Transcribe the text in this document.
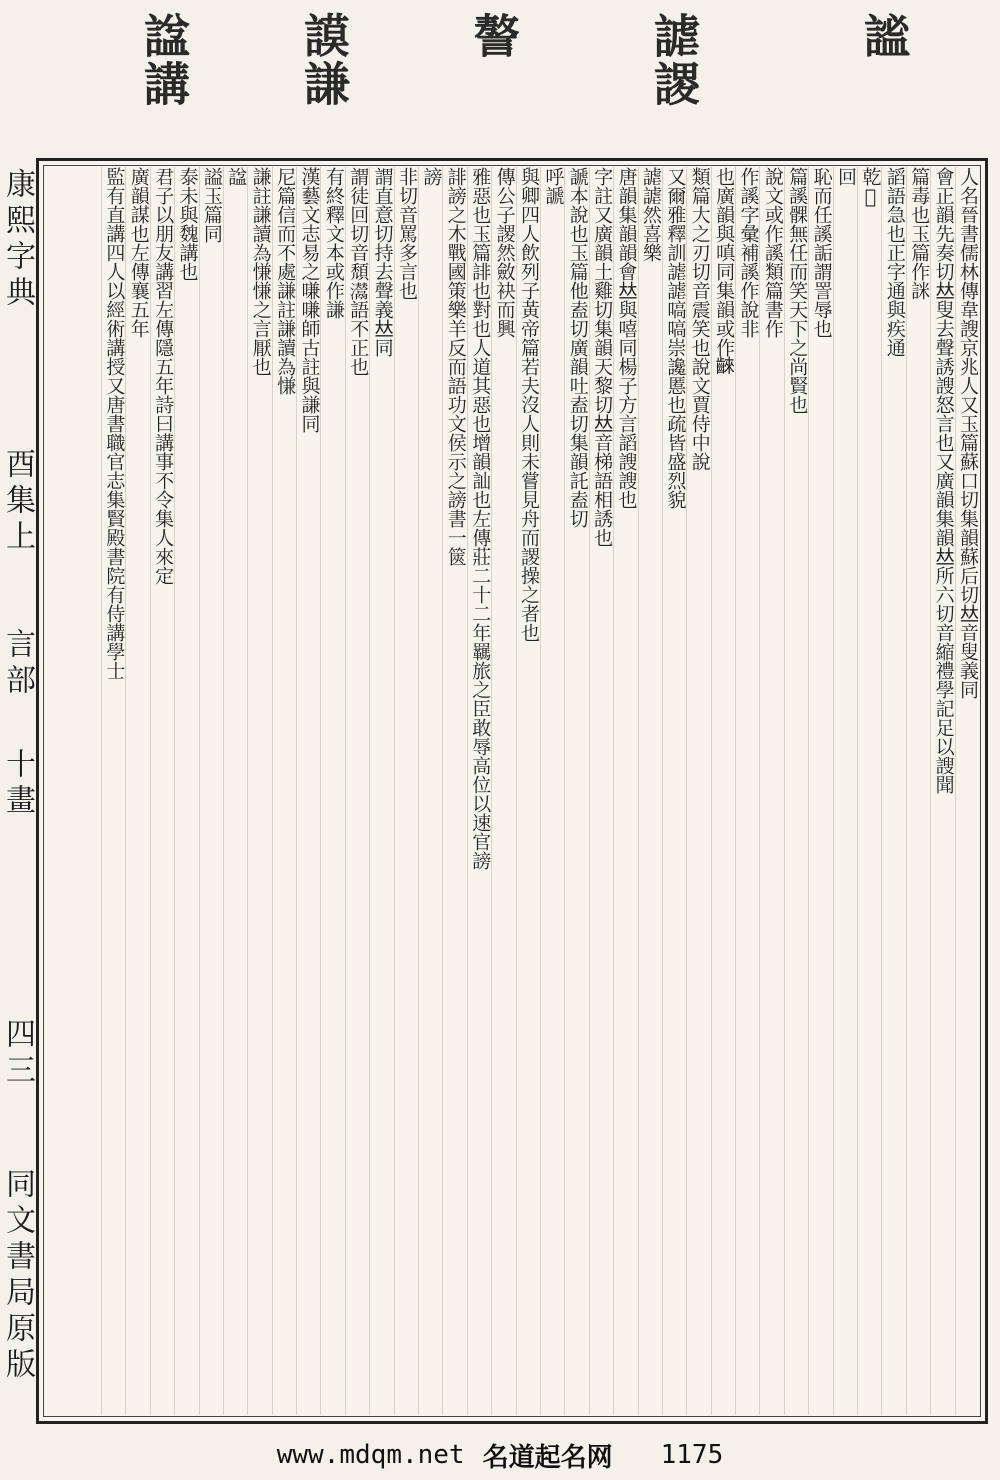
諡講 謨謙	謷	謔謖	謐
康熙字典
酉集上
言部
十畫
四三
同文書局原版
人名晉書儒林傳韋謏京兆人又玉篇蘇口切集韻蘇后切𠀤音叟義同
會正韻先奏切𠀤叟去聲誘謏怒言也又廣韻集韻𠀤所六切音縮禮學記足以謏聞
篇毒也玉篇作詸
謟語急也正字通與疾通
乾𣯛
回
恥而任謑詬謂詈辱也
篇謑髁無任而笑天下之尚賢也
說文或作謑類篇書作
作謑字彙補謑作說非
也廣韻與嗔同集韻或作𪘨
類篇大之刃切音震笑也說文賈侍中說
又爾雅釋訓謔謔嗃嗃崇讒慝也疏皆盛烈貌
謔謔然喜樂
唐韻集韻韻會𠀤與嘻同楊子方言謟謏謏也
字註又廣韻土雞切集韻天黎切𠀤音梯語相誘也
謕本說也玉篇他盍切廣韻吐盍切集韻託盍切
呼謕
與卿四人飲列子黃帝篇若夫沒人則未嘗見舟而謖操之者也
傳公子謖然斂袂而興
雅惡也玉篇誹也對也人道其惡也增韻訕也左傳莊二十二年羈旅之臣敢辱高位以速官謗
誹謗之木戰國策樂羊反而語功文侯示之謗書一篋
謗
非切音罵多言也
謂直意切持去聲義𠀤同
謂徒回切音頹𤄵語不正也
有終釋文本或作謙
漢藝文志易之嗛嗛師古註與謙同
尼篇信而不處謙註謙讀為慊
謙註謙讀為慊慊之言厭也
諡
謚玉篇同
泰未與魏講也
君子以朋友講習左傳隱五年詩曰講事不令集人來定
廣韻謀也左傳襄五年
監有直講四人以經術講授又唐書職官志集賢殿書院有侍講學士
www.mdqm.net 名道起名网 1175
